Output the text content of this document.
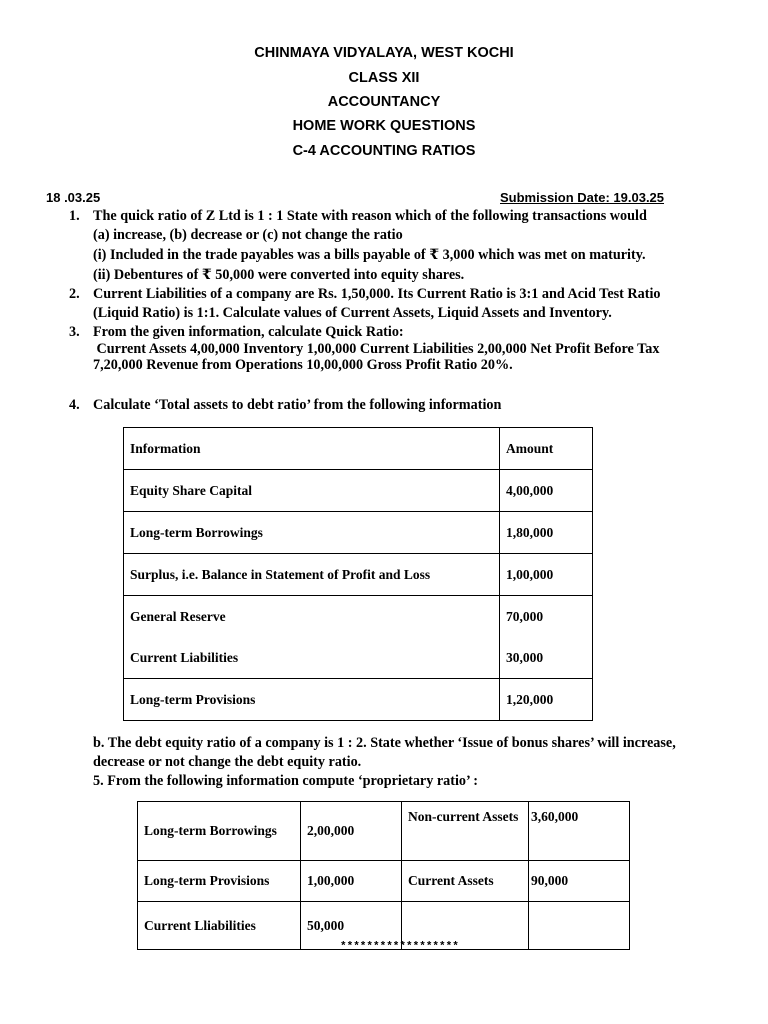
CHINMAYA VIDYALAYA, WEST KOCHI
CLASS XII
ACCOUNTANCY
HOME WORK QUESTIONS
C-4 ACCOUNTING RATIOS
18 .03.25	Submission Date: 19.03.25
1. The quick ratio of Z Ltd is 1 : 1 State with reason which of the following transactions would
(a) increase, (b) decrease or (c) not change the ratio
(i) Included in the trade payables was a bills payable of ₹ 3,000 which was met on maturity.
(ii) Debentures of ₹ 50,000 were converted into equity shares.
2. Current Liabilities of a company are Rs. 1,50,000. Its Current Ratio is 3:1 and Acid Test Ratio
(Liquid Ratio) is 1:1. Calculate values of Current Assets, Liquid Assets and Inventory.
3. From the given information, calculate Quick Ratio:
Current Assets 4,00,000 Inventory 1,00,000 Current Liabilities 2,00,000 Net Profit Before Tax
7,20,000 Revenue from Operations 10,00,000 Gross Profit Ratio 20%.
4. Calculate ‘Total assets to debt ratio’ from the following information
Information	Amount
Equity Share Capital	4,00,000
Long-term Borrowings	1,80,000
Surplus, i.e. Balance in Statement of Profit and Loss	1,00,000
General Reserve	70,000
Current Liabilities	30,000
Long-term Provisions	1,20,000
b. The debt equity ratio of a company is 1 : 2. State whether ‘Issue of bonus shares’ will increase,
decrease or not change the debt equity ratio.
5. From the following information compute ‘proprietary ratio’ :
Long-term Borrowings	2,00,000	Non-current Assets	3,60,000
Long-term Provisions	1,00,000	Current Assets	90,000
Current Lliabilities	50,000		
******************
